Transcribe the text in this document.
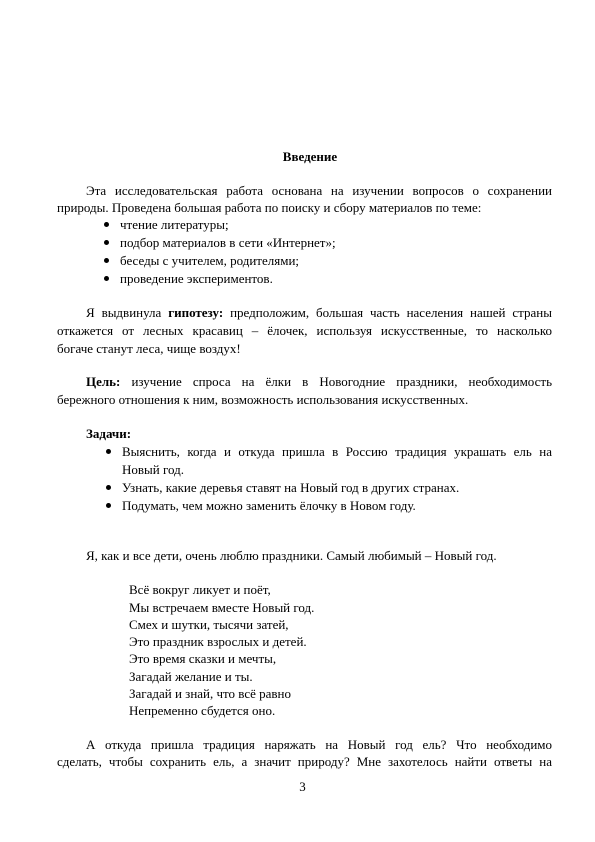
Введение
Эта исследовательская работа основана на изучении вопросов о сохранении
природы. Проведена большая работа по поиску и сбору материалов по теме:
чтение литературы;
подбор материалов в сети «Интернет»;
беседы с учителем, родителями;
проведение экспериментов.
Я выдвинула гипотезу: предположим, большая часть населения нашей страны
откажется от лесных красавиц – ёлочек, используя искусственные, то насколько
богаче станут леса, чище воздух!
Цель: изучение спроса на ёлки в Новогодние праздники, необходимость
бережного отношения к ним, возможность использования искусственных.
Задачи:
Выяснить, когда и откуда пришла в Россию традиция украшать ель на
Новый год.
Узнать, какие деревья ставят на Новый год в других странах.
Подумать, чем можно заменить ёлочку в Новом году.
Я, как и все дети, очень люблю праздники. Самый любимый – Новый год.
Всё вокруг ликует и поёт,
Мы встречаем вместе Новый год.
Смех и шутки, тысячи затей,
Это праздник взрослых и детей.
Это время сказки и мечты,
Загадай желание и ты.
Загадай и знай, что всё равно
Непременно сбудется оно.
А откуда пришла традиция наряжать на Новый год ель? Что необходимо
сделать, чтобы сохранить ель, а значит природу? Мне захотелось найти ответы на
3
